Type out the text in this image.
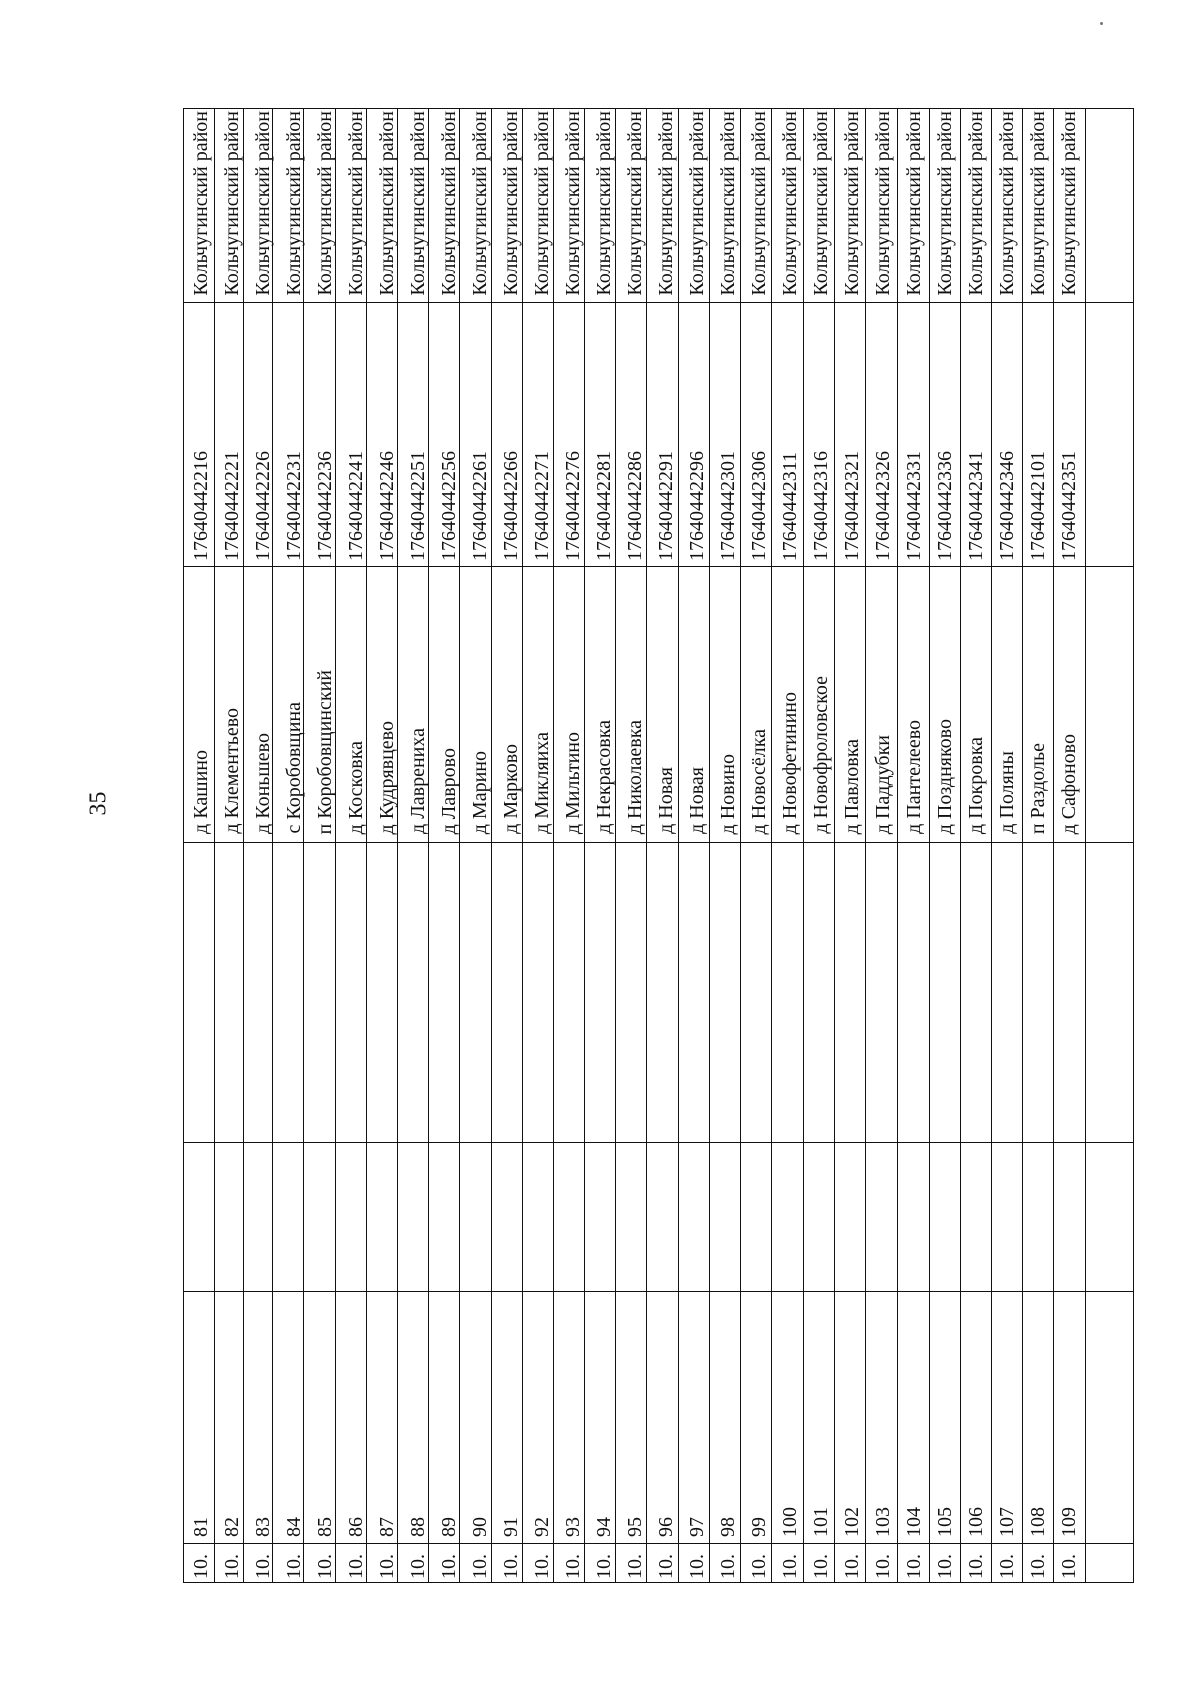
35
10.
81
д Кашино
17640442216
Кольчугинский район
10.
82
д Клементьево
17640442221
Кольчугинский район
10.
83
д Коньшево
17640442226
Кольчугинский район
10.
84
с Коробовщина
17640442231
Кольчугинский район
10.
85
п Коробовщинский
17640442236
Кольчугинский район
10.
86
д Косковка
17640442241
Кольчугинский район
10.
87
д Кудрявцево
17640442246
Кольчугинский район
10.
88
д Лаврениха
17640442251
Кольчугинский район
10.
89
д Лаврово
17640442256
Кольчугинский район
10.
90
д Марино
17640442261
Кольчугинский район
10.
91
д Марково
17640442266
Кольчугинский район
10.
92
д Микляиха
17640442271
Кольчугинский район
10.
93
д Мильтино
17640442276
Кольчугинский район
10.
94
д Некрасовка
17640442281
Кольчугинский район
10.
95
д Николаевка
17640442286
Кольчугинский район
10.
96
д Новая
17640442291
Кольчугинский район
10.
97
д Новая
17640442296
Кольчугинский район
10.
98
д Новино
17640442301
Кольчугинский район
10.
99
д Новосёлка
17640442306
Кольчугинский район
10.
100
д Новофетинино
17640442311
Кольчугинский район
10.
101
д Новофроловское
17640442316
Кольчугинский район
10.
102
д Павловка
17640442321
Кольчугинский район
10.
103
д Паддубки
17640442326
Кольчугинский район
10.
104
д Пантелеево
17640442331
Кольчугинский район
10.
105
д Поздняково
17640442336
Кольчугинский район
10.
106
д Покровка
17640442341
Кольчугинский район
10.
107
д Поляны
17640442346
Кольчугинский район
10.
108
п Раздолье
17640442101
Кольчугинский район
10.
109
д Сафоново
17640442351
Кольчугинский район
